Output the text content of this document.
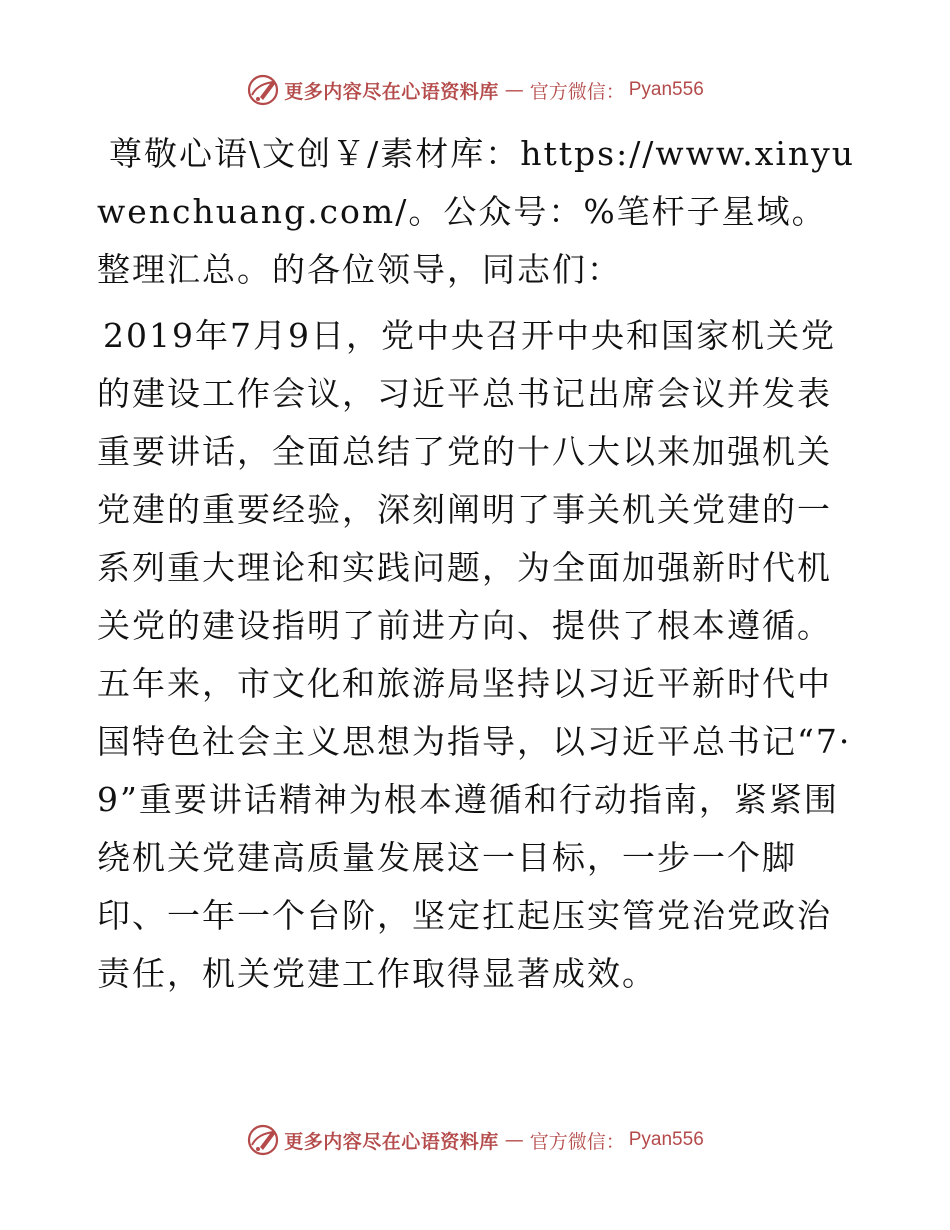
更多内容尽在心语资料库 — 官方微信： Pyan556

尊敬心语\文创￥/素材库：https://www.xinyuwenchuang.com/。公众号：%笔杆子星域。整理汇总。的各位领导，同志们：

2019年7月9日，党中央召开中央和国家机关党的建设工作会议，习近平总书记出席会议并发表重要讲话，全面总结了党的十八大以来加强机关党建的重要经验，深刻阐明了事关机关党建的一系列重大理论和实践问题，为全面加强新时代机关党的建设指明了前进方向、提供了根本遵循。五年来，市文化和旅游局坚持以习近平新时代中国特色社会主义思想为指导，以习近平总书记“7·9”重要讲话精神为根本遵循和行动指南，紧紧围绕机关党建高质量发展这一目标，一步一个脚印、一年一个台阶，坚定扛起压实管党治党政治责任，机关党建工作取得显著成效。

更多内容尽在心语资料库 — 官方微信： Pyan556
